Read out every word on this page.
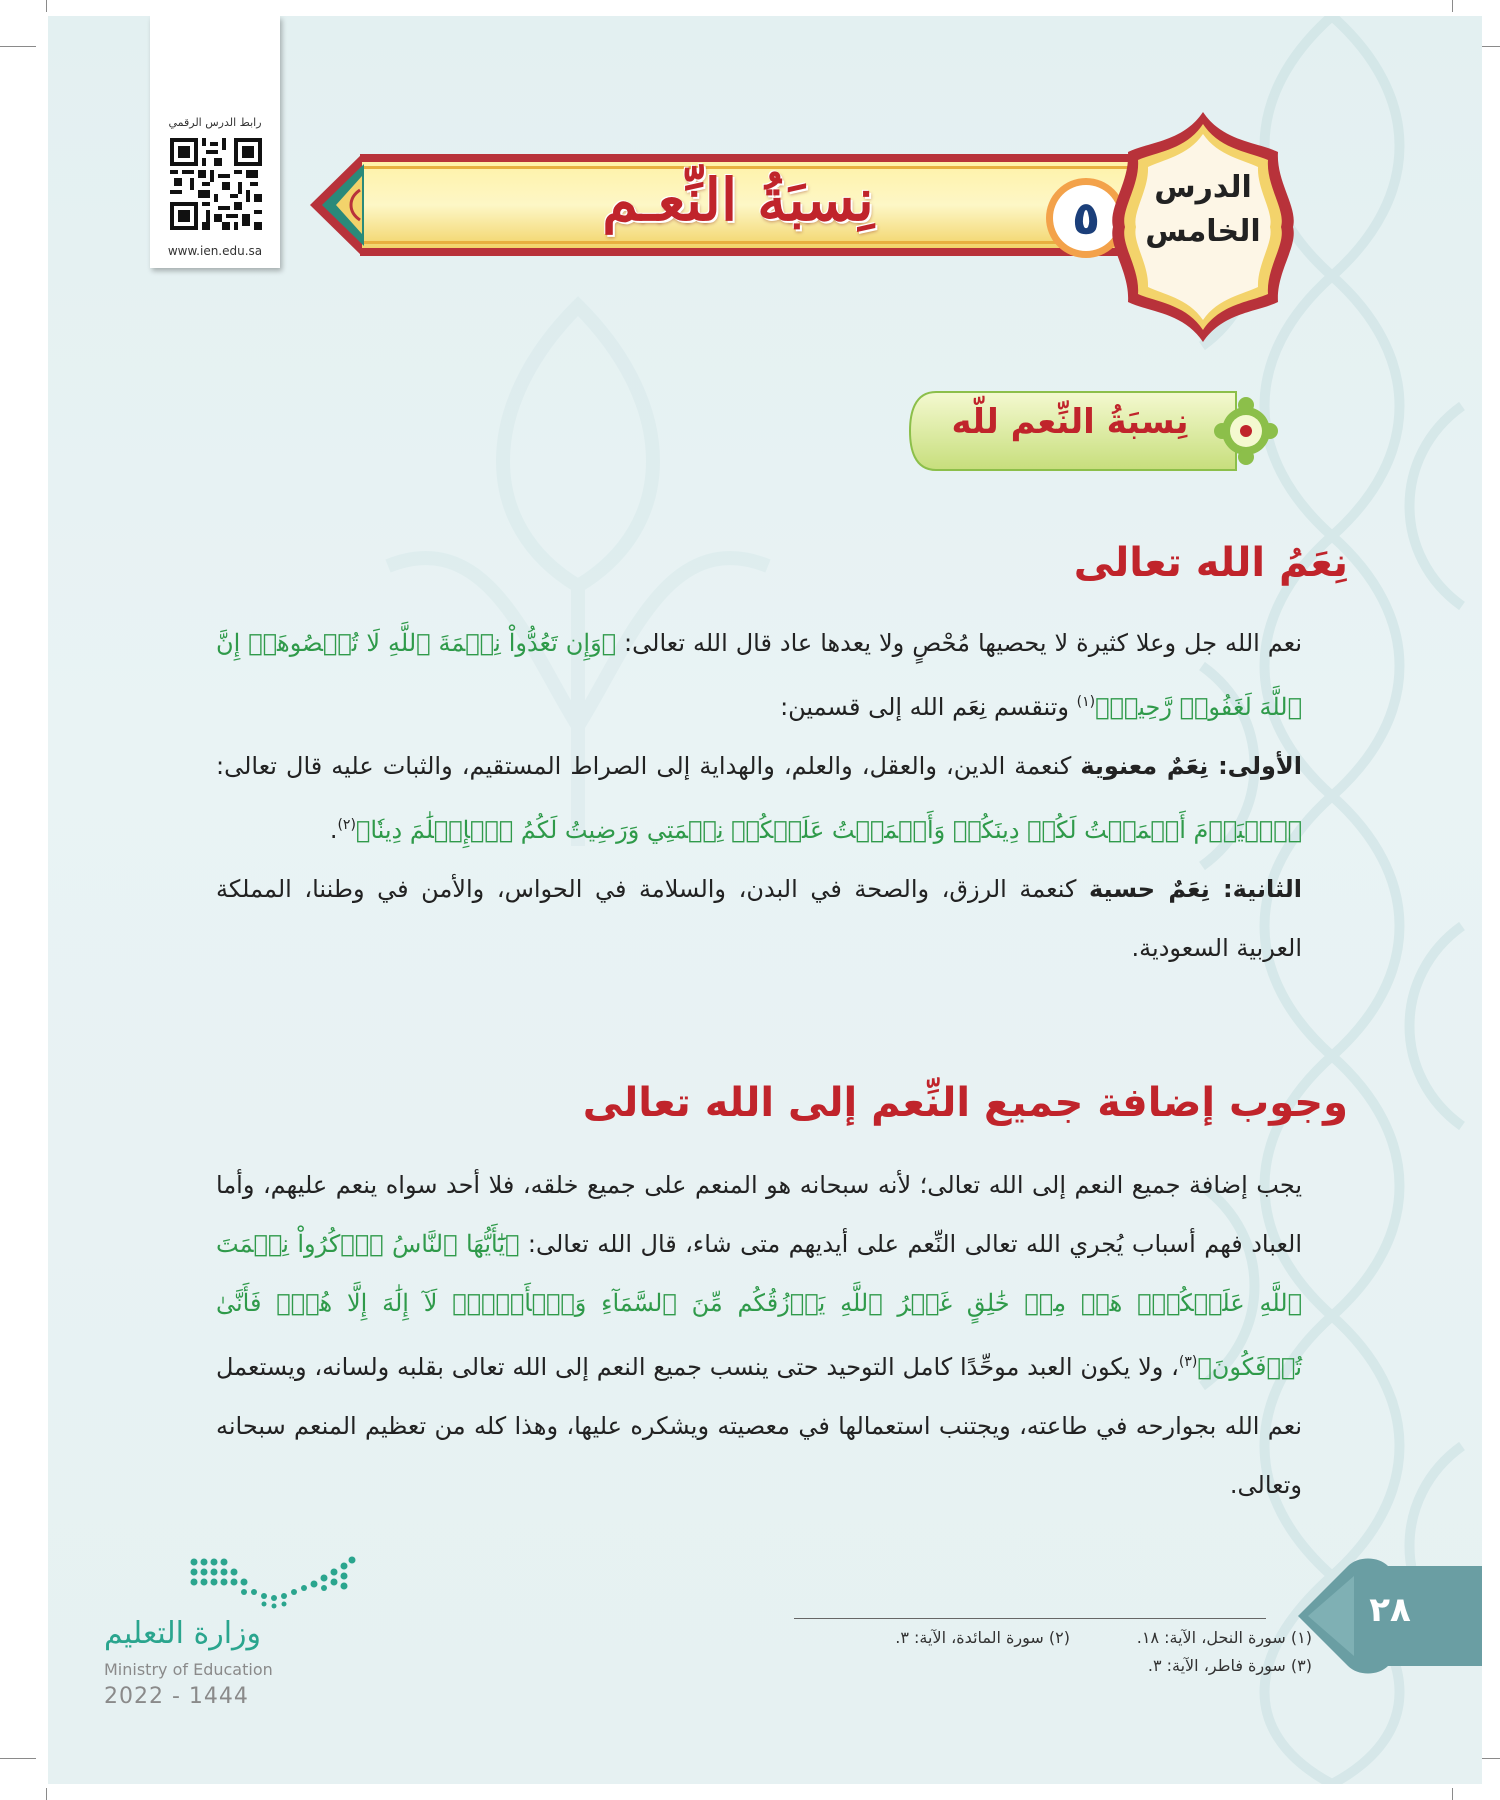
رابط الدرس الرقمي
www.ien.edu.sa
نِسبَةُ النِّعـم	٥
الدرس
الخامس
نِسبَةُ النِّعم للّه
نِعَمُ الله تعالى
نعم الله جل وعلا كثيرة لا يحصيها مُحْصٍ ولا يعدها عاد قال الله تعالى: ﴿وَإِن تَعُدُّواْ نِعۡمَةَ ٱللَّهِ لَا تُحۡصُوهَآۗ إِنَّ ٱللَّهَ لَغَفُورٞ رَّحِيمٞ﴾$^{(١)}$ وتنقسم نِعَم الله إلى قسمين:
الأولى: نِعَمٌ معنوية كنعمة الدين، والعقل، والعلم، والهداية إلى الصراط المستقيم، والثبات عليه قال تعالى: ﴿ٱلۡيَوۡمَ أَكۡمَلۡتُ لَكُمۡ دِينَكُمۡ وَأَتۡمَمۡتُ عَلَيۡكُمۡ نِعۡمَتِي وَرَضِيتُ لَكُمُ ٱلۡإِسۡلَٰمَ دِينٗا﴾$^{(٢)}$.
الثانية: نِعَمٌ حسية كنعمة الرزق، والصحة في البدن، والسلامة في الحواس، والأمن في وطننا، المملكة العربية السعودية.
وجوب إضافة جميع النِّعم إلى الله تعالى
يجب إضافة جميع النعم إلى الله تعالى؛ لأنه سبحانه هو المنعم على جميع خلقه، فلا أحد سواه ينعم عليهم، وأما العباد فهم أسباب يُجري الله تعالى النِّعم على أيديهم متى شاء، قال الله تعالى: ﴿يَٰٓأَيُّهَا ٱلنَّاسُ ٱذۡكُرُواْ نِعۡمَتَ ٱللَّهِ عَلَيۡكُمۡۚ هَلۡ مِنۡ خَٰلِقٍ غَيۡرُ ٱللَّهِ يَرۡزُقُكُم مِّنَ ٱلسَّمَآءِ وَٱلۡأَرۡضِۚ لَآ إِلَٰهَ إِلَّا هُوَۖ فَأَنَّىٰ تُؤۡفَكُونَ﴾$^{(٣)}$، ولا يكون العبد موحِّدًا كامل التوحيد حتى ينسب جميع النعم إلى الله تعالى بقلبه ولسانه، ويستعمل نعم الله بجوارحه في طاعته، ويجتنب استعمالها في معصيته ويشكره عليها، وهذا كله من تعظيم المنعم سبحانه وتعالى.
(١) سورة النحل، الآية: ١٨.
(٢) سورة المائدة، الآية: ٣.
(٣) سورة فاطر، الآية: ٣.
٢٨
وزارة التعليم
Ministry of Education
2022 - 1444
